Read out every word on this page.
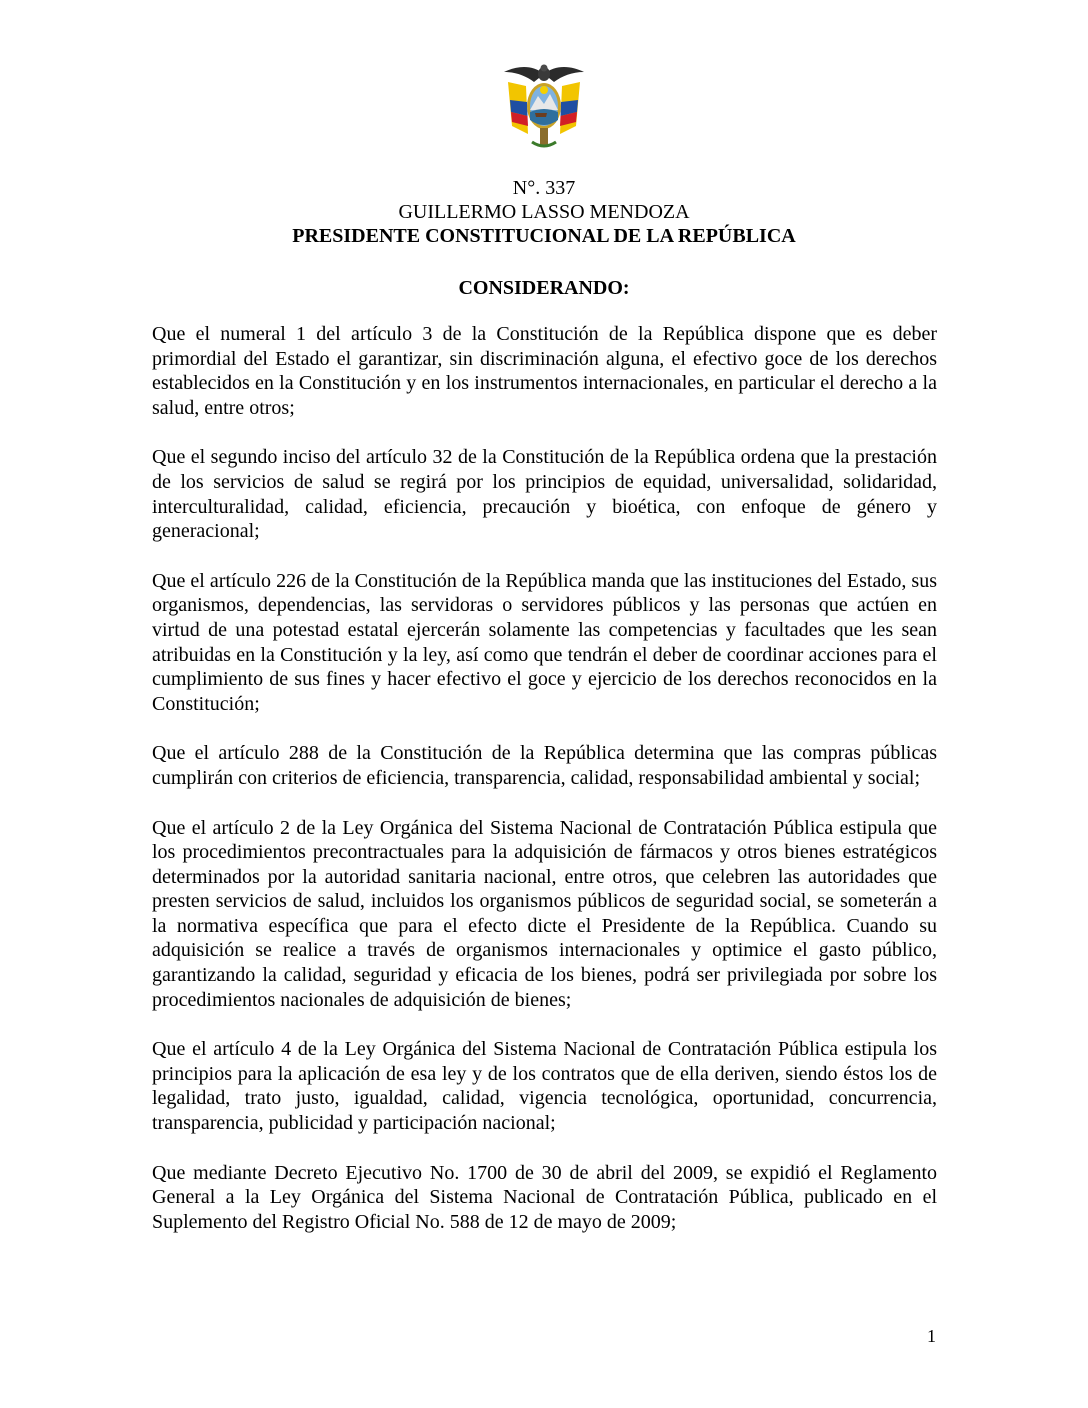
N°. 337
GUILLERMO LASSO MENDOZA
PRESIDENTE CONSTITUCIONAL DE LA REPÚBLICA
CONSIDERANDO:

Que el numeral 1 del artículo 3 de la Constitución de la República dispone que es deber primordial del Estado el garantizar, sin discriminación alguna, el efectivo goce de los derechos establecidos en la Constitución y en los instrumentos internacionales, en particular el derecho a la salud, entre otros;

Que el segundo inciso del artículo 32 de la Constitución de la República ordena que la prestación de los servicios de salud se regirá por los principios de equidad, universalidad, solidaridad, interculturalidad, calidad, eficiencia, precaución y bioética, con enfoque de género y generacional;

Que el artículo 226 de la Constitución de la República manda que las instituciones del Estado, sus organismos, dependencias, las servidoras o servidores públicos y las personas que actúen en virtud de una potestad estatal ejercerán solamente las competencias y facultades que les sean atribuidas en la Constitución y la ley, así como que tendrán el deber de coordinar acciones para el cumplimiento de sus fines y hacer efectivo el goce y ejercicio de los derechos reconocidos en la Constitución;

Que el artículo 288 de la Constitución de la República determina que las compras públicas cumplirán con criterios de eficiencia, transparencia, calidad, responsabilidad ambiental y social;

Que el artículo 2 de la Ley Orgánica del Sistema Nacional de Contratación Pública estipula que los procedimientos precontractuales para la adquisición de fármacos y otros bienes estratégicos determinados por la autoridad sanitaria nacional, entre otros, que celebren las autoridades que presten servicios de salud, incluidos los organismos públicos de seguridad social, se someterán a la normativa específica que para el efecto dicte el Presidente de la República. Cuando su adquisición se realice a través de organismos internacionales y optimice el gasto público, garantizando la calidad, seguridad y eficacia de los bienes, podrá ser privilegiada por sobre los procedimientos nacionales de adquisición de bienes;

Que el artículo 4 de la Ley Orgánica del Sistema Nacional de Contratación Pública estipula los principios para la aplicación de esa ley y de los contratos que de ella deriven, siendo éstos los de legalidad, trato justo, igualdad, calidad, vigencia tecnológica, oportunidad, concurrencia, transparencia, publicidad y participación nacional;

Que mediante Decreto Ejecutivo No. 1700 de 30 de abril del 2009, se expidió el Reglamento General a la Ley Orgánica del Sistema Nacional de Contratación Pública, publicado en el Suplemento del Registro Oficial No. 588 de 12 de mayo de 2009;

1
